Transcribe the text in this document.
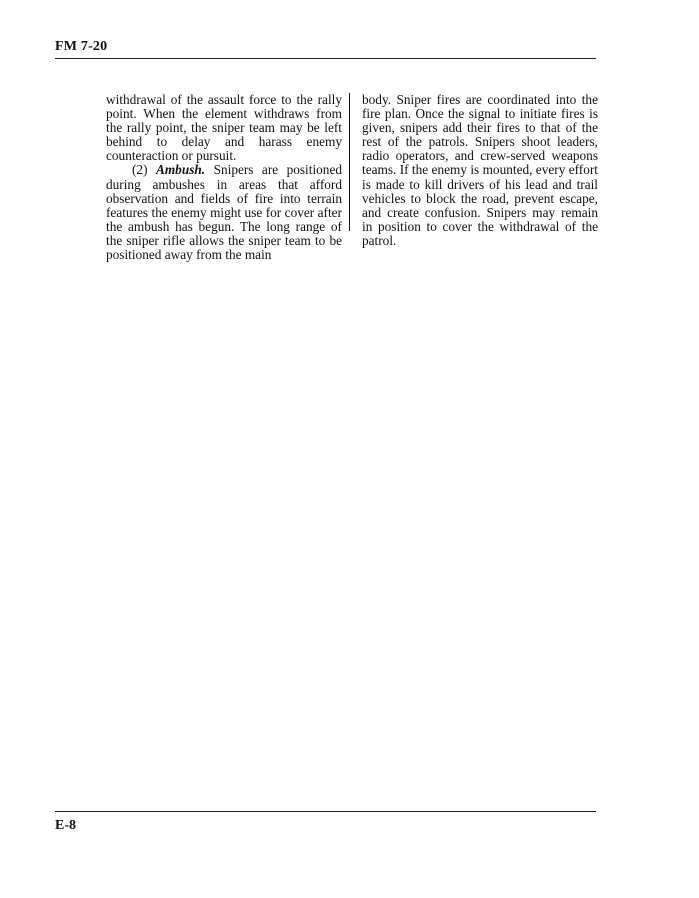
FM 7-20

withdrawal of the assault force to the rally point. When the element withdraws from the rally point, the sniper team may be left behind to delay and harass enemy counteraction or pursuit.

(2) Ambush. Snipers are positioned during ambushes in areas that afford observation and fields of fire into terrain features the enemy might use for cover after the ambush has begun. The long range of the sniper rifle allows the sniper team to be positioned away from the main

body. Sniper fires are coordinated into the fire plan. Once the signal to initiate fires is given, snipers add their fires to that of the rest of the patrols. Snipers shoot leaders, radio operators, and crew-served weapons teams. If the enemy is mounted, every effort is made to kill drivers of his lead and trail vehicles to block the road, prevent escape, and create confusion. Snipers may remain in position to cover the withdrawal of the patrol.

E-8
